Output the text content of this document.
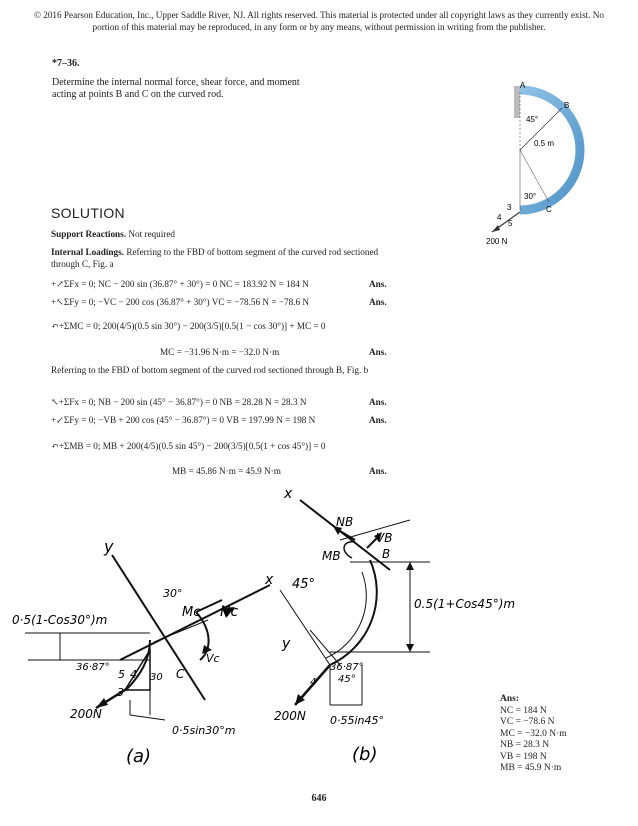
© 2016 Pearson Education, Inc., Upper Saddle River, NJ. All rights reserved. This material is protected under all copyright laws as they currently exist. No portion of this material may be reproduced, in any form or by any means, without permission in writing from the publisher.
*7–36.
Determine the internal normal force, shear force, and moment acting at points B and C on the curved rod.
A
B
C
45°
0.5 m
30°
4
3
5
200 N
SOLUTION
Support Reactions. Not required
Internal Loadings. Referring to the FBD of bottom segment of the curved rod sectioned through C, Fig. a
+↗ΣFx = 0; NC − 200 sin (36.87° + 30°) = 0 NC = 183.92 N = 184 N	Ans.
+↖ΣFy = 0; −VC − 200 cos (36.87° + 30°) VC = −78.56 N = −78.6 N	Ans.
↶+ΣMC = 0; 200(4/5)(0.5 sin 30°) − 200(3/5)[0.5(1 − cos 30°)] + MC = 0
MC = −31.96 N·m = −32.0 N·m	Ans.
Referring to the FBD of bottom segment of the curved rod sectioned through B, Fig. b
↖+ΣFx = 0; NB − 200 sin (45° − 36.87°) = 0 NB = 28.28 N = 28.3 N	Ans.
+↙ΣFy = 0; −VB + 200 cos (45° − 36.87°) = 0 VB = 197.99 N = 198 N	Ans.
↶+ΣMB = 0; MB + 200(4/5)(0.5 sin 45°) − 200(3/5)[0.5(1 + cos 45°)] = 0
MB = 45.86 N·m = 45.9 N·m	Ans.
y
x
30°
Mc Nc
Vc
0·5(1-Cos30°)m
36·87°
4
5
3
30 C
200N
0·5sin30°m
(a)
x
NB
VB
MB	B
45°
y
0.5(1+Cos45°)m
36·87°
45°
4
200N 0·55in45°
(b)
Ans:
NC = 184 N
VC = −78.6 N
MC = −32.0 N·m
NB = 28.3 N
VB = 198 N
MB = 45.9 N·m
646
